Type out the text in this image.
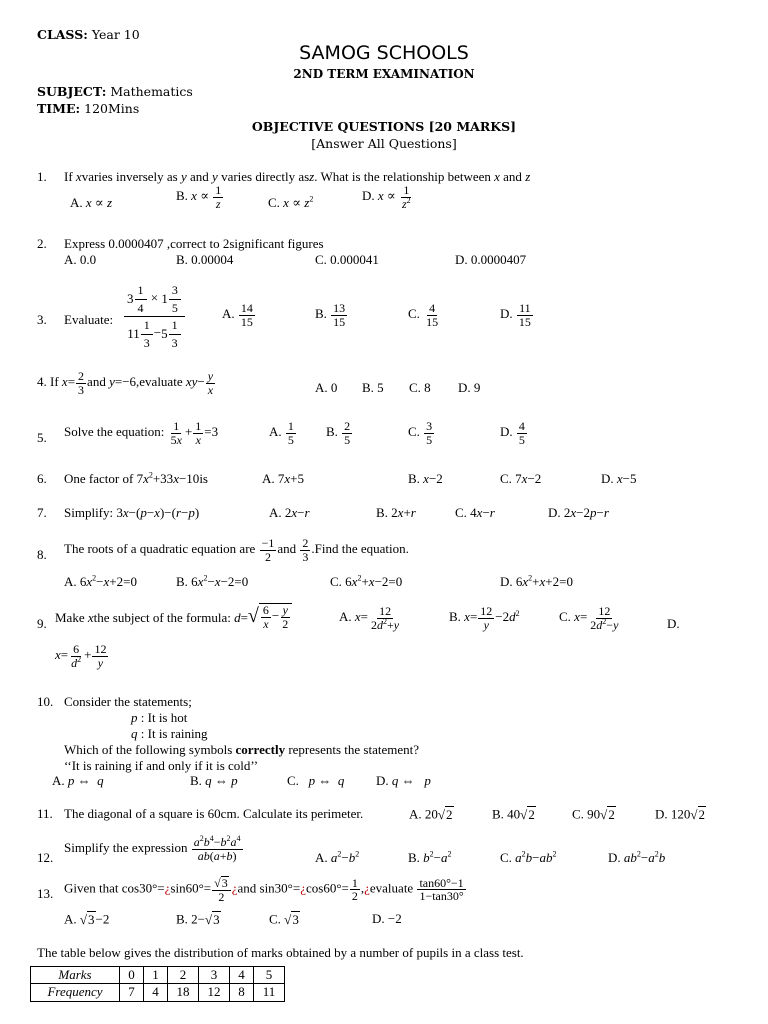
CLASS: Year 10
SAMOG SCHOOLS
2ND TERM EXAMINATION
SUBJECT: Mathematics
TIME: 120Mins
OBJECTIVE QUESTIONS [20 MARKS]
[Answer All Questions]
1. If xvaries inversely as y and y varies directly asz. What is the relationship between x and z
A. x ∝ z	B. $x \propto \frac{1}{z}$	C. $x \propto z^2$	D. $x \propto \frac{1}{z^2}$
2. Express 0.0000407 ,correct to 2significant figures
A. 0.0	B. 0.00004	C. 0.000041	D. 0.0000407
3. Evaluate: $\frac{3 \frac{1}{4} \times 1 \frac{3}{5}}{11 \frac{1}{3} -5 \frac{1}{3}}$	A. $\frac{14}{15}$	B. $\frac{13}{15}$	C. $\frac{4}{15}$	D. $\frac{11}{15}$
4. If $x= \frac{2}{3}$ and y=−6,evaluate $xy- \frac{y}{x}$	A. 0 B. 5 C. 8 D. 9
5. Solve the equation: $\frac{1}{5x} + \frac{1}{x} =3$	A. $\frac{1}{5} B$. $\frac{2}{5}$	C. $\frac{3}{5}$	D. $\frac{4}{5}$
6. One factor of $7x^2+33x-10is$	A. 7x+5	B. x−2	C. 7x−2	D. x−5
7. Simplify: 3x−(p−x)−(r−p)	A. 2x−r	B. 2x+r	C. 4x−r	D. 2x−2p−r
8. The roots of a quadratic equation are $\frac{-1}{2}$ and $\frac{2}{3}$ .Find the equation.
A. $6x^2-x+2=0$	B. $6x^2-x-2=0$	C. $6x^2+x-2=0$	D. $6x^2+x+2=0$
9. Make xthe subject of the formula: d= √ $\frac{6}{x} - \frac{y}{2}$	A. $x= \frac{12}{2d^2+y}$	B. $x= \frac{12}{y} -2d^2$	C. $x= \frac{12}{2d^2-y}$	D.
$x= \frac{6}{d^2} + \frac{12}{y}$
10. Consider the statements;
p : It is hot
q : It is raining
Which of the following symbols correctly represents the statement?
‘‘It is raining if and only if it is cold’’
A. p ⇔  q	B. q ⇔ p	C. p ⇔  q D. q ⇔   p
11. The diagonal of a square is 60cm. Calculate its perimeter.	A. 20√ 2	B. 40√ 2	C. 90√ 2	D. 120√ 2
12.
Simplify the expression $\frac{a^2b^4-b^2a^4}{ab(a+b)}$	A. $a^2-b^2$	B. $b^2-a^2$	C. $a^2b-ab^2$	D. $ab^2-a^2b$
13. Given that cos30°=¿sin60°= $\frac{√ 3}{2}$ ¿and sin30°=¿cos60°= $\frac{1}{2}$ ,¿evaluate $\frac{\tan 60^\circ-1}{1-\tan 30^\circ}$
A. √ 3 −2	B. 2−√ 3	C. √ 3	D. −2
The table below gives the distribution of marks obtained by a number of pupils in a class test.
Marks	0	1	2	3	4	5
Frequency	7	4	18	12	8	11
